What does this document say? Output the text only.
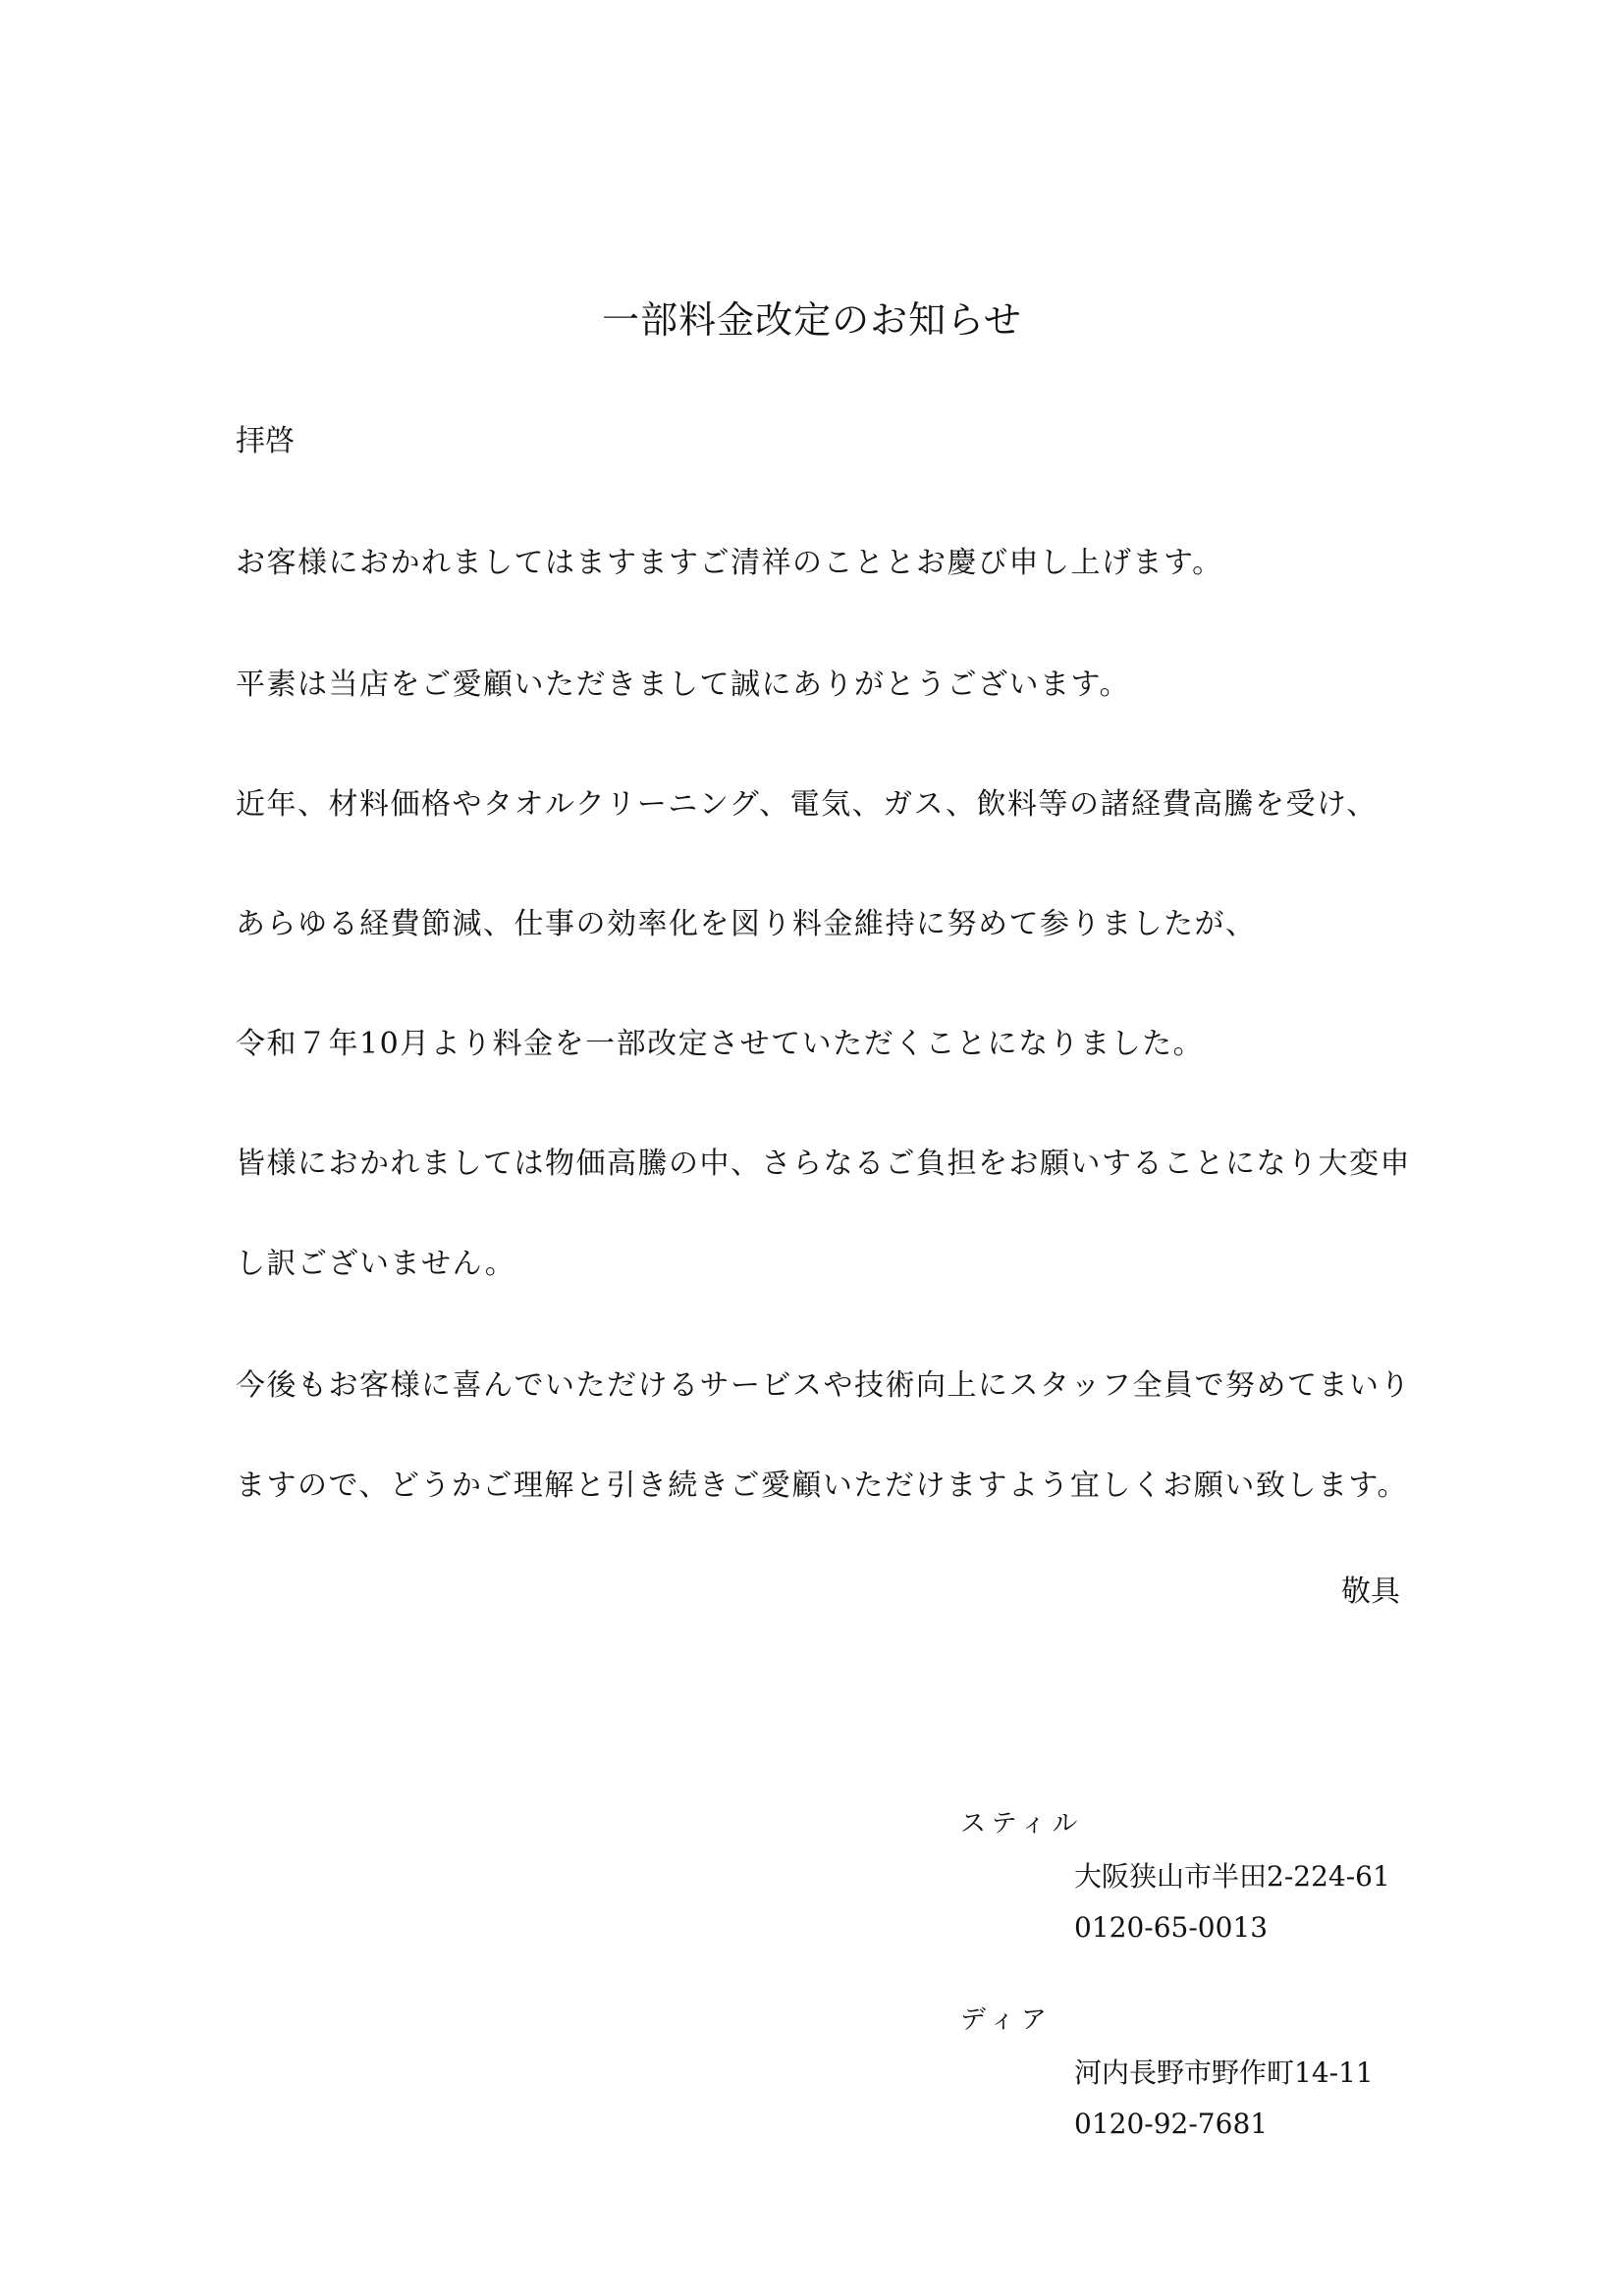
一部料金改定のお知らせ
拝啓
お客様におかれましてはますますご清祥のこととお慶び申し上げます。
平素は当店をご愛顧いただきまして誠にありがとうございます。
近年、材料価格やタオルクリーニング、電気、ガス、飲料等の諸経費高騰を受け、
あらゆる経費節減、仕事の効率化を図り料金維持に努めて参りましたが、
令和７年10月より料金を一部改定させていただくことになりました。
皆様におかれましては物価高騰の中、さらなるご負担をお願いすることになり大変申
し訳ございません。
今後もお客様に喜んでいただけるサービスや技術向上にスタッフ全員で努めてまいり
ますので、どうかご理解と引き続きご愛顧いただけますよう宜しくお願い致します。
敬具
スティル
大阪狭山市半田2-224-61
0120-65-0013
ディア
河内長野市野作町14-11
0120-92-7681
